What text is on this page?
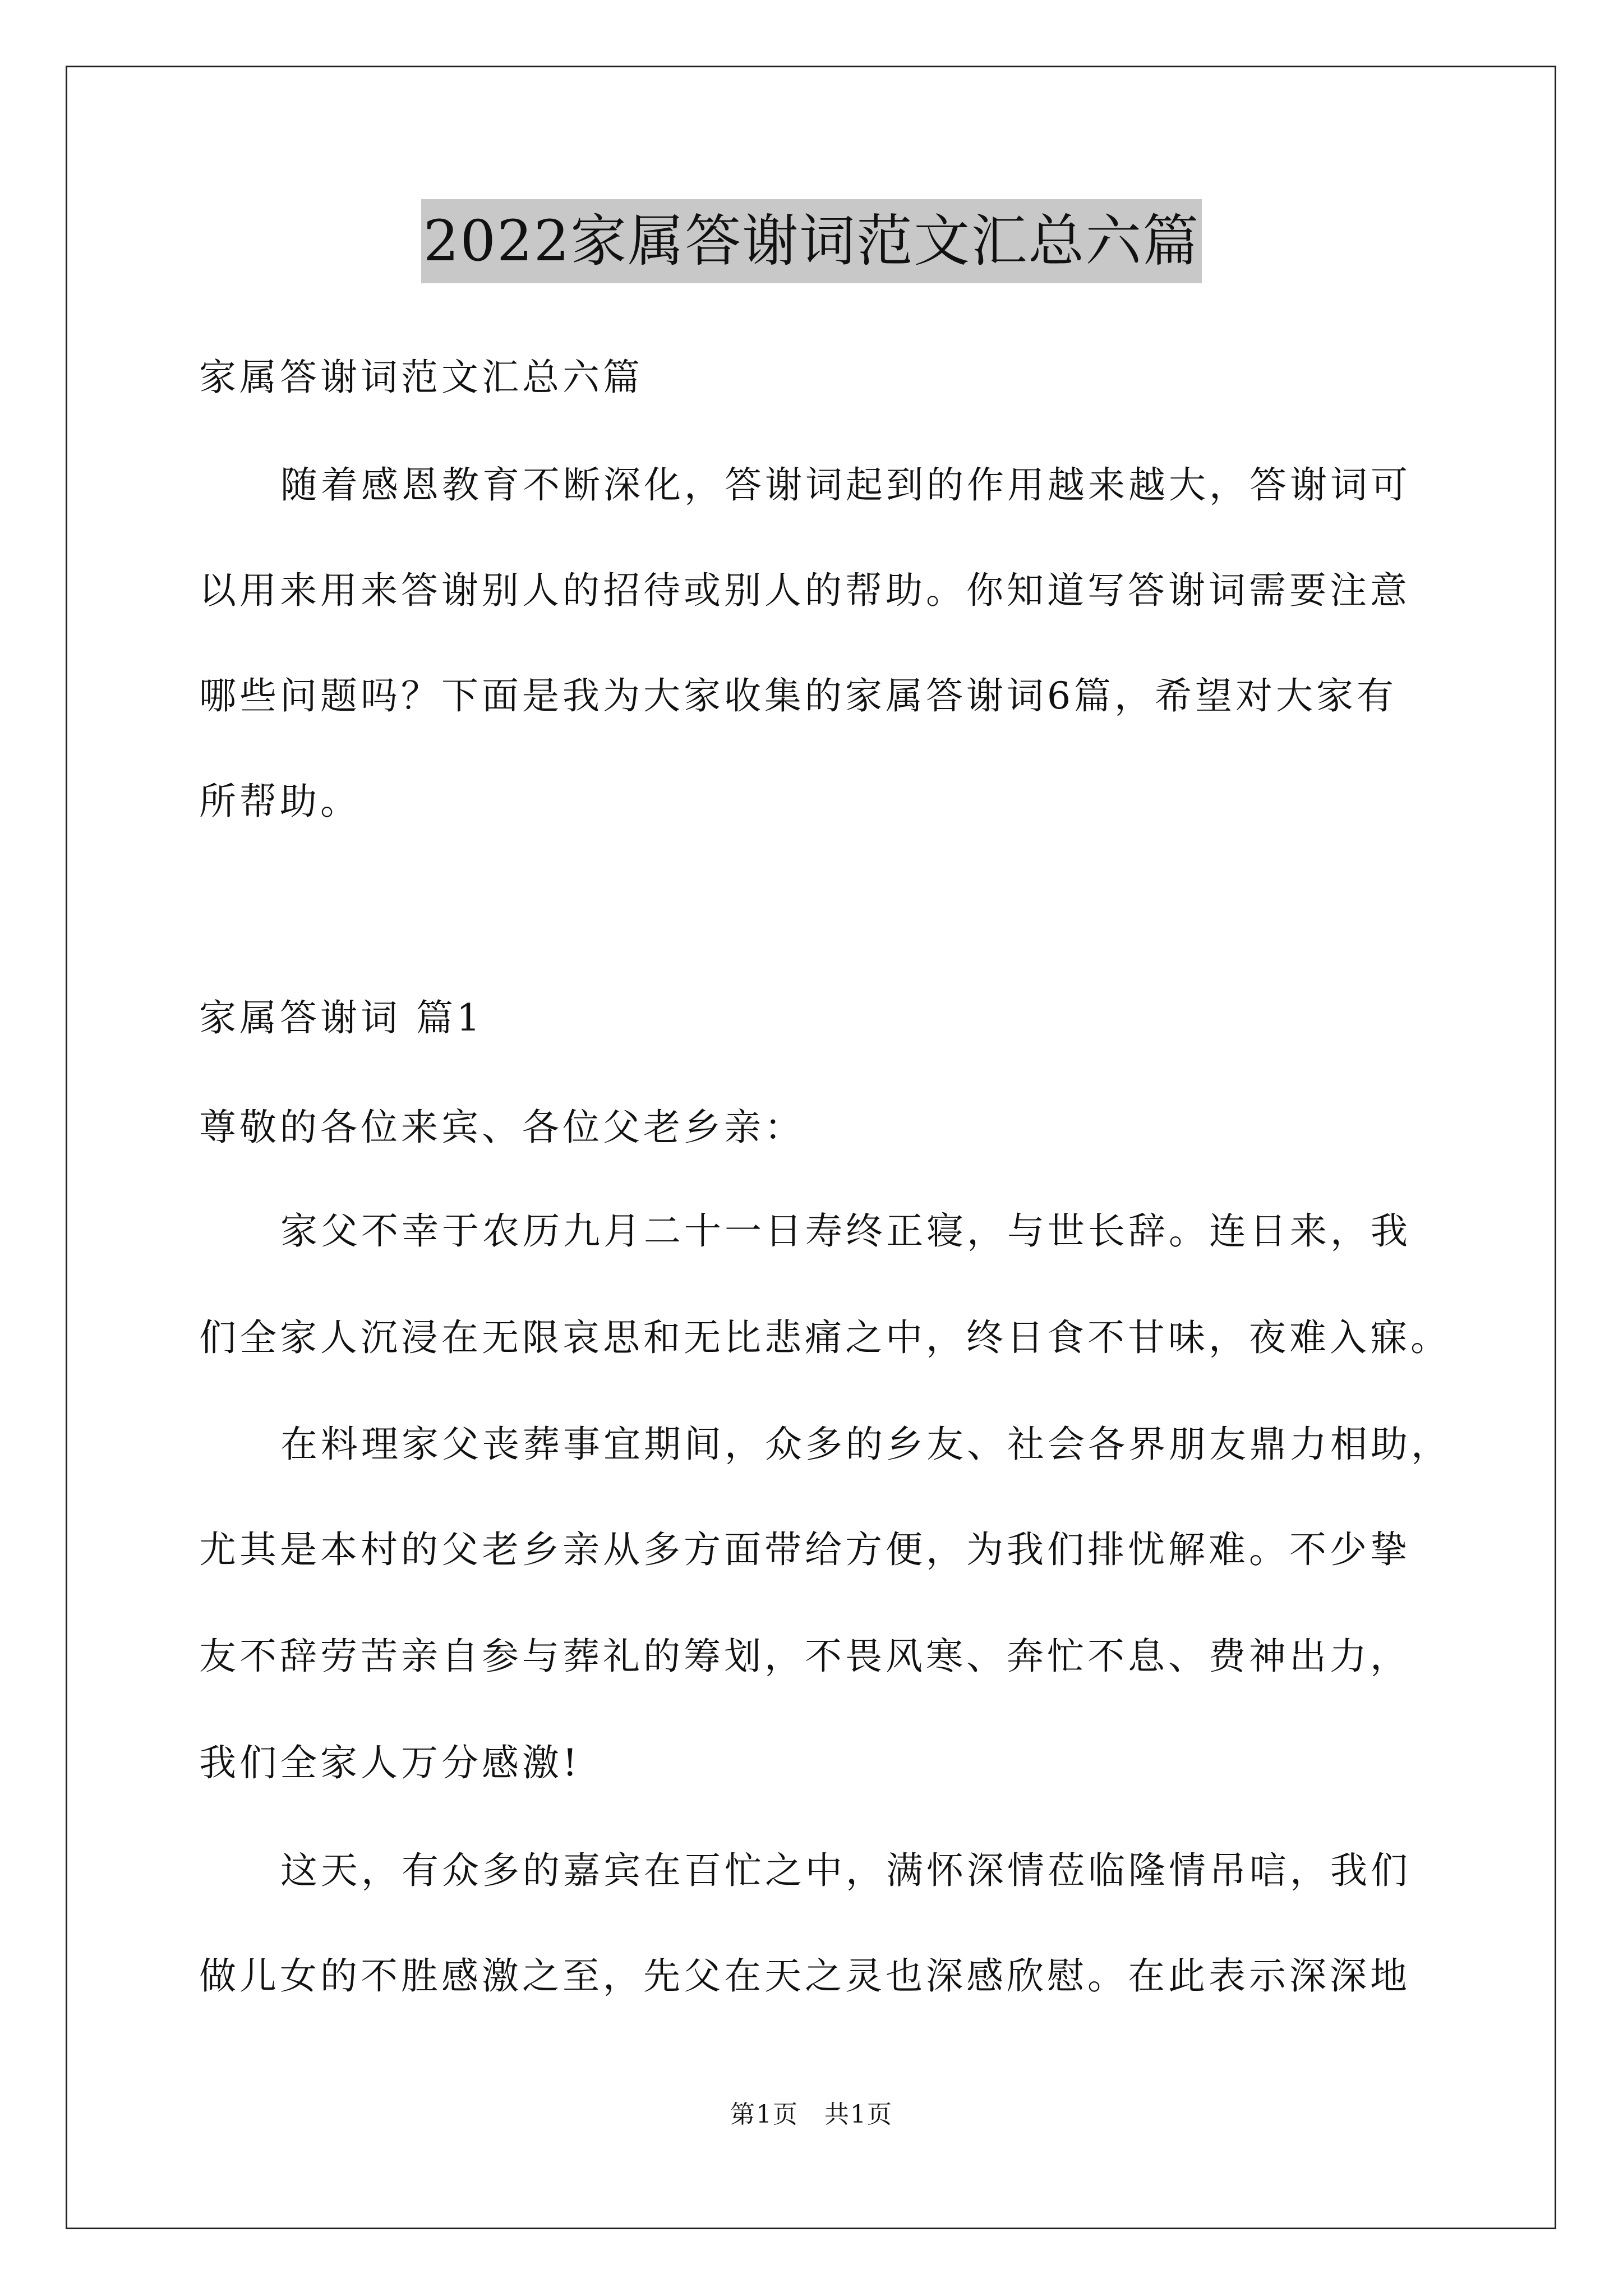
2022家属答谢词范文汇总六篇
家属答谢词范文汇总六篇
随着感恩教育不断深化，答谢词起到的作用越来越大，答谢词可
以用来用来答谢别人的招待或别人的帮助。你知道写答谢词需要注意
哪些问题吗？下面是我为大家收集的家属答谢词6篇，希望对大家有
所帮助。
家属答谢词 篇1
尊敬的各位来宾、各位父老乡亲：
家父不幸于农历九月二十一日寿终正寝，与世长辞。连日来，我
们全家人沉浸在无限哀思和无比悲痛之中，终日食不甘味，夜难入寐。
在料理家父丧葬事宜期间，众多的乡友、社会各界朋友鼎力相助，
尤其是本村的父老乡亲从多方面带给方便，为我们排忧解难。不少挚
友不辞劳苦亲自参与葬礼的筹划，不畏风寒、奔忙不息、费神出力，
我们全家人万分感激!
这天，有众多的嘉宾在百忙之中，满怀深情莅临隆情吊唁，我们
做儿女的不胜感激之至，先父在天之灵也深感欣慰。在此表示深深地
第1页　共1页
